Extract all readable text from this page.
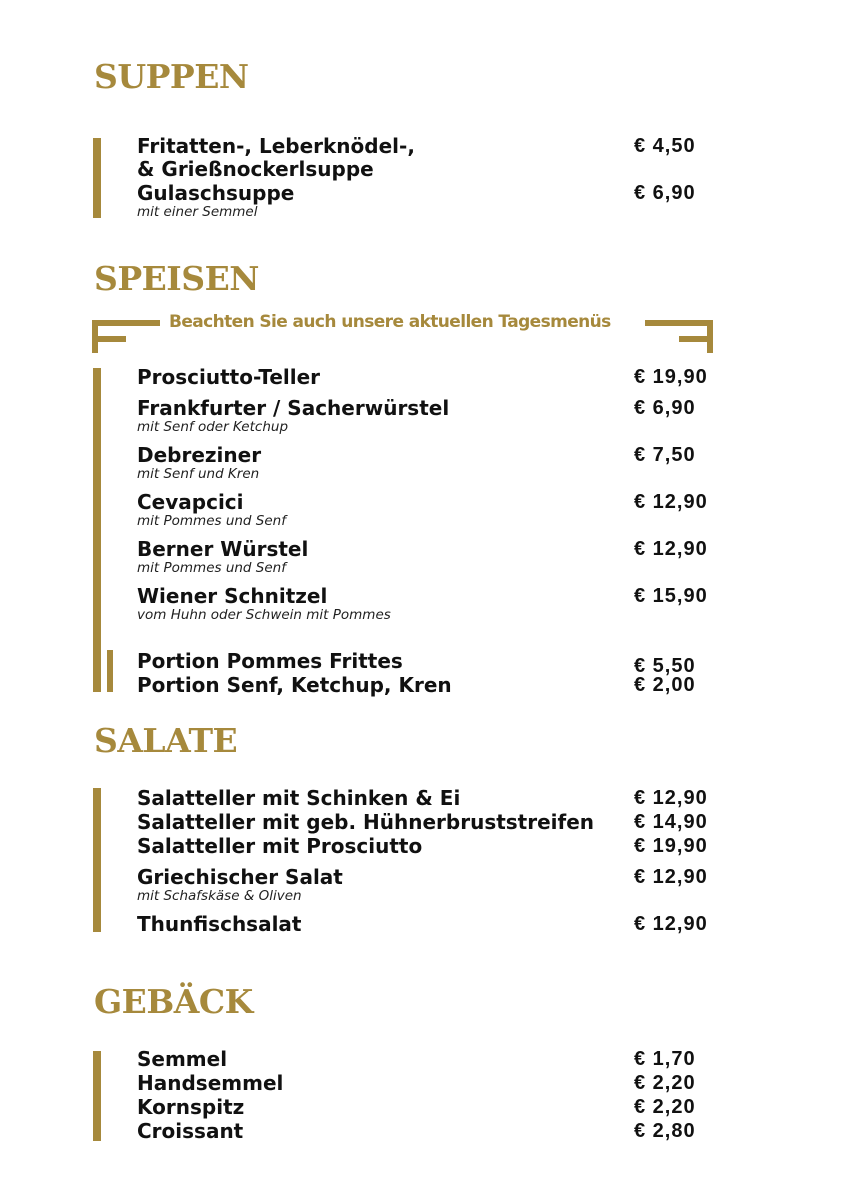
SUPPEN
Fritatten-, Leberknödel-,
& Grießnockerlsuppe
€ 4,50
Gulaschsuppe
mit einer Semmel
€ 6,90
SPEISEN
Beachten Sie auch unsere aktuellen Tagesmenüs
Prosciutto-Teller	€ 19,90
Frankfurter / Sacherwürstel
mit Senf oder Ketchup
€ 6,90
Debreziner
mit Senf und Kren
€ 7,50
Cevapcici
mit Pommes und Senf
€ 12,90
Berner Würstel
mit Pommes und Senf
€ 12,90
Wiener Schnitzel
vom Huhn oder Schwein mit Pommes
€ 15,90
Portion Pommes Frittes	€ 5,50
Portion Senf, Ketchup, Kren	€ 2,00
SALATE
Salatteller mit Schinken & Ei	€ 12,90
Salatteller mit geb. Hühnerbruststreifen € 14,90
Salatteller mit Prosciutto	€ 19,90
Griechischer Salat
mit Schafskäse & Oliven
€ 12,90
Thunfischsalat	€ 12,90
GEBÄCK
Semmel	€ 1,70
Handsemmel	€ 2,20
Kornspitz	€ 2,20
Croissant	€ 2,80
